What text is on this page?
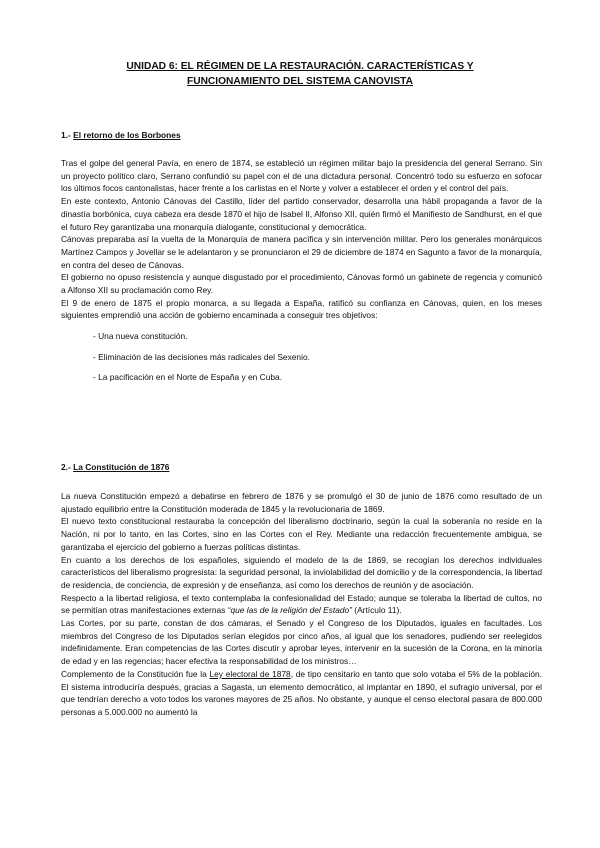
UNIDAD 6: EL RÉGIMEN DE LA RESTAURACIÓN. CARACTERÍSTICAS Y
FUNCIONAMIENTO DEL SISTEMA CANOVISTA
1.- El retorno de los Borbones

Tras el golpe del general Pavía, en enero de 1874, se estableció un régimen militar bajo la presidencia del general Serrano. Sin un proyecto político claro, Serrano confundió su papel con el de una dictadura personal. Concentró todo su esfuerzo en sofocar los últimos focos cantonalistas, hacer frente a los carlistas en el Norte y volver a establecer el orden y el control del país.

En este contexto, Antonio Cánovas del Castillo, líder del partido conservador, desarrolla una hábil propaganda a favor de la dinastía borbónica, cuya cabeza era desde 1870 el hijo de Isabel II, Alfonso XII, quién firmó el Manifiesto de Sandhurst, en el que el futuro Rey garantizaba una monarquía dialogante, constitucional y democrática.

Cánovas preparaba así la vuelta de la Monarquía de manera pacífica y sin intervención militar. Pero los generales monárquicos Martínez Campos y Jovellar se le adelantaron y se pronunciaron el 29 de diciembre de 1874 en Sagunto a favor de la monarquía, en contra del deseo de Cánovas.

El gobierno no opuso resistencia y aunque disgustado por el procedimiento, Cánovas formó un gabinete de regencia y comunicó a Alfonso XII su proclamación como Rey.

El 9 de enero de 1875 el propio monarca, a su llegada a España, ratificó su confianza en Cánovas, quien, en los meses siguientes emprendió una acción de gobierno encaminada a conseguir tres objetivos:

- Una nueva constitución.
- Eliminación de las decisiones más radicales del Sexenio.
- La pacificación en el Norte de España y en Cuba.
2.- La Constitución de 1876

La nueva Constitución empezó a debatirse en febrero de 1876 y se promulgó el 30 de junio de 1876 como resultado de un ajustado equilibrio entre la Constitución moderada de 1845 y la revolucionaria de 1869.

El nuevo texto constitucional restauraba la concepción del liberalismo doctrinario, según la cual la soberanía no reside en la Nación, ni por lo tanto, en las Cortes, sino en las Cortes con el Rey. Mediante una redacción frecuentemente ambigua, se garantizaba el ejercicio del gobierno a fuerzas políticas distintas.

En cuanto a los derechos de los españoles, siguiendo el modelo de la de 1869, se recogían los derechos individuales característicos del liberalismo progresista: la seguridad personal, la inviolabilidad del domicilio y de la correspondencia, la libertad de residencia, de conciencia, de expresión y de enseñanza, así como los derechos de reunión y de asociación.

Respecto a la libertad religiosa, el texto contemplaba la confesionalidad del Estado; aunque se toleraba la libertad de cultos, no se permitían otras manifestaciones externas “que las de la religión del Estado” (Artículo 11).

Las Cortes, por su parte, constan de dos cámaras, el Senado y el Congreso de los Diputados, iguales en facultades. Los miembros del Congreso de los Diputados serían elegidos por cinco años, al igual que los senadores, pudiendo ser reelegidos indefinidamente. Eran competencias de las Cortes discutir y aprobar leyes, intervenir en la sucesión de la Corona, en la minoría de edad y en las regencias; hacer efectiva la responsabilidad de los ministros…

Complemento de la Constitución fue la Ley electoral de 1878, de tipo censitario en tanto que solo votaba el 5% de la población. El sistema introduciría después, gracias a Sagasta, un elemento democrático, al implantar en 1890, el sufragio universal, por el que tendrían derecho a voto todos los varones mayores de 25 años. No obstante, y aunque el censo electoral pasara de 800.000 personas a 5.000.000 no aumentó la
